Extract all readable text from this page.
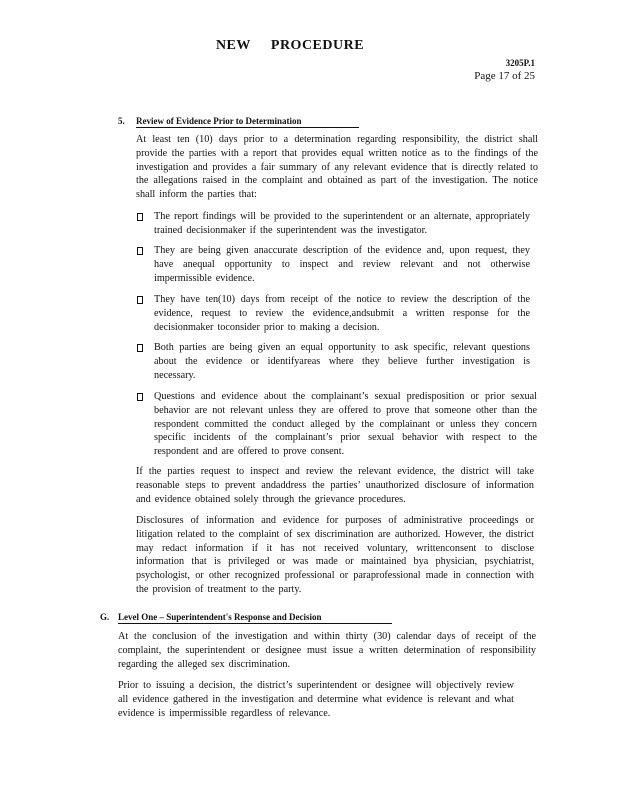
NEW PROCEDURE
3205P.1
Page 17 of 25
5. Review of Evidence Prior to Determination
At least ten (10) days prior to a determination regarding responsibility, the district shall provide the parties with a report that provides equal written notice as to the findings of the investigation and provides a fair summary of any relevant evidence that is directly related to the allegations raised in the complaint and obtained as part of the investigation. The notice shall inform the parties that:
The report findings will be provided to the superintendent or an alternate, appropriately trained decisionmaker if the superintendent was the investigator.
They are being given anaccurate description of the evidence and, upon request, they have anequal opportunity to inspect and review relevant and not otherwise impermissible evidence.
They have ten(10) days from receipt of the notice to review the description of the evidence, request to review the evidence,andsubmit a written response for the decisionmaker toconsider prior to making a decision.
Both parties are being given an equal opportunity to ask specific, relevant questions about the evidence or identifyareas where they believe further investigation is necessary.
Questions and evidence about the complainant’s sexual predisposition or prior sexual behavior are not relevant unless they are offered to prove that someone other than the respondent committed the conduct alleged by the complainant or unless they concern specific incidents of the complainant’s prior sexual behavior with respect to the respondent and are offered to prove consent.
If the parties request to inspect and review the relevant evidence, the district will take reasonable steps to prevent andaddress the parties’ unauthorized disclosure of information and evidence obtained solely through the grievance procedures.
Disclosures of information and evidence for purposes of administrative proceedings or litigation related to the complaint of sex discrimination are authorized. However, the district may redact information if it has not received voluntary, writtenconsent to disclose information that is privileged or was made or maintained bya physician, psychiatrist, psychologist, or other recognized professional or paraprofessional made in connection with the provision of treatment to the party.
G. Level One – Superintendent's Response and Decision
At the conclusion of the investigation and within thirty (30) calendar days of receipt of the complaint, the superintendent or designee must issue a written determination of responsibility regarding the alleged sex discrimination.
Prior to issuing a decision, the district’s superintendent or designee will objectively review all evidence gathered in the investigation and determine what evidence is relevant and what evidence is impermissible regardless of relevance.
